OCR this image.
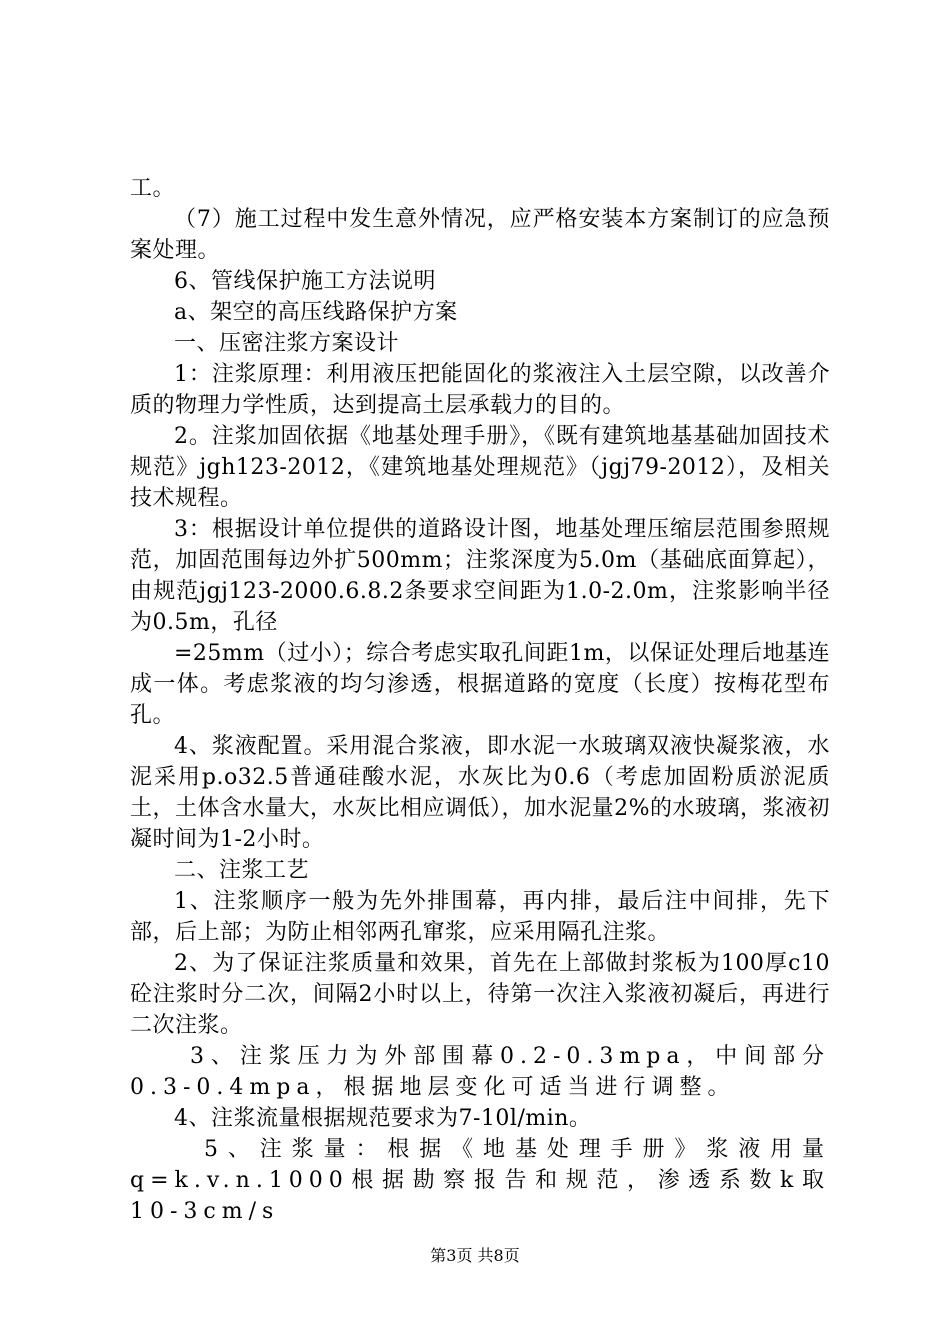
工。

（7）施工过程中发生意外情况，应严格安装本方案制订的应急预案处理。

6、管线保护施工方法说明

a、架空的高压线路保护方案

一、压密注浆方案设计

1：注浆原理：利用液压把能固化的浆液注入土层空隙，以改善介质的物理力学性质，达到提高土层承载力的目的。

2。注浆加固依据《地基处理手册》，《既有建筑地基基础加固技术规范》jgh123-2012，《建筑地基处理规范》（jgj79-2012），及相关技术规程。

3：根据设计单位提供的道路设计图，地基处理压缩层范围参照规范，加固范围每边外扩500mm；注浆深度为5.0m（基础底面算起），由规范jgj123-2000.6.8.2条要求空间距为1.0-2.0m，注浆影响半径为0.5m，孔径

=25mm（过小）；综合考虑实取孔间距1m，以保证处理后地基连成一体。考虑浆液的均匀渗透，根据道路的宽度（长度）按梅花型布孔。

4、浆液配置。采用混合浆液，即水泥一水玻璃双液快凝浆液，水泥采用p.o32.5普通硅酸水泥，水灰比为0.6（考虑加固粉质淤泥质土，土体含水量大，水灰比相应调低），加水泥量2%的水玻璃，浆液初凝时间为1-2小时。

二、注浆工艺

1、注浆顺序一般为先外排围幕，再内排，最后注中间排，先下部，后上部；为防止相邻两孔窜浆，应采用隔孔注浆。

2、为了保证注浆质量和效果，首先在上部做封浆板为100厚c10砼注浆时分二次，间隔2小时以上，待第一次注入浆液初凝后，再进行二次注浆。

3、注浆压力为外部围幕0.2-0.3mpa，中间部分0.3-0.4mpa，根据地层变化可适当进行调整。

4、注浆流量根据规范要求为7-10l/min。

5、注浆量：根据《地基处理手册》浆液用量q=k.v.n.1000根据勘察报告和规范，渗透系数k取10-3cm/s

第3页 共8页
